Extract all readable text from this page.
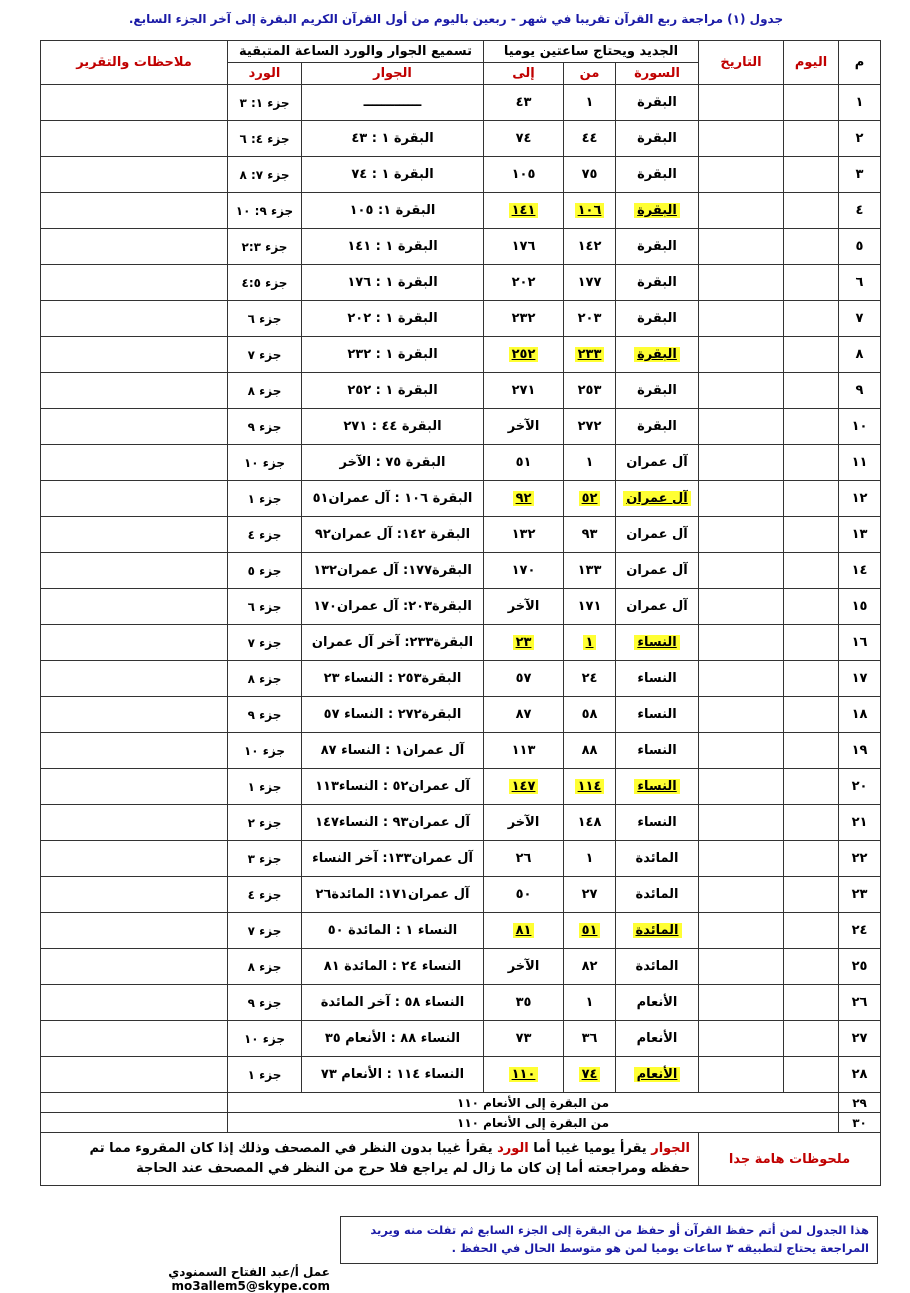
جدول (١) مراجعة ربع القرآن تقريبا في شهر - ربعين باليوم من أول القرآن الكريم البقرة إلى آخر الجزء السابع.
م	اليوم	التاريخ	الجديد ويحتاج ساعتين يوميا			تسميع الجوار والورد الساعة المتبقية		ملاحظات والتقرير
			السورة	من	إلى	الجوار	الورد	
١			البقرة	١	٤٣	ـــــــــــــ	جزء ١: ٣	
٢			البقرة	٤٤	٧٤	البقرة ١ : ٤٣	جزء ٤: ٦	
٣			البقرة	٧٥	١٠٥	البقرة ١ : ٧٤	جزء ٧: ٨	
٤			البقرة	١٠٦	١٤١	البقرة ١: ١٠٥	جزء ٩: ١٠	
٥			البقرة	١٤٢	١٧٦	البقرة ١ : ١٤١	جزء ٢:٣	
٦			البقرة	١٧٧	٢٠٢	البقرة ١ : ١٧٦	جزء ٤:٥	
٧			البقرة	٢٠٣	٢٣٢	البقرة ١ : ٢٠٢	جزء ٦	
٨			البقرة	٢٣٣	٢٥٢	البقرة ١ : ٢٣٢	جزء ٧	
٩			البقرة	٢٥٣	٢٧١	البقرة ١ : ٢٥٢	جزء ٨	
١٠			البقرة	٢٧٢	الآخر	البقرة ٤٤ : ٢٧١	جزء ٩	
١١			آل عمران	١	٥١	البقرة ٧٥ : الآخر	جزء ١٠	
١٢			آل عمران	٥٢	٩٢	البقرة ١٠٦ : آل عمران٥١	جزء ١	
١٣			آل عمران	٩٣	١٣٢	البقرة ١٤٢: آل عمران٩٢	جزء ٤	
١٤			آل عمران	١٣٣	١٧٠	البقرة١٧٧: آل عمران١٣٢	جزء ٥	
١٥			آل عمران	١٧١	الآخر	البقرة٢٠٣: آل عمران١٧٠	جزء ٦	
١٦			النساء	١	٢٣	البقرة٢٣٣: آخر آل عمران	جزء ٧	
١٧			النساء	٢٤	٥٧	البقرة٢٥٣ : النساء ٢٣	جزء ٨	
١٨			النساء	٥٨	٨٧	البقرة٢٧٢ : النساء ٥٧	جزء ٩	
١٩			النساء	٨٨	١١٣	آل عمران١ : النساء ٨٧	جزء ١٠	
٢٠			النساء	١١٤	١٤٧	آل عمران٥٢ : النساء١١٣	جزء ١	
٢١			النساء	١٤٨	الآخر	آل عمران٩٣ : النساء١٤٧	جزء ٢	
٢٢			المائدة	١	٢٦	آل عمران١٣٣: آخر النساء	جزء ٣	
٢٣			المائدة	٢٧	٥٠	آل عمران١٧١: المائدة٢٦	جزء ٤	
٢٤			المائدة	٥١	٨١	النساء ١ : المائدة ٥٠	جزء ٧	
٢٥			المائدة	٨٢	الآخر	النساء ٢٤ : المائدة ٨١	جزء ٨	
٢٦			الأنعام	١	٣٥	النساء ٥٨ : آخر المائدة	جزء ٩	
٢٧			الأنعام	٣٦	٧٣	النساء ٨٨ : الأنعام ٣٥	جزء ١٠	
٢٨			الأنعام	٧٤	١١٠	النساء ١١٤ : الأنعام ٧٣	جزء ١	
٢٩	من البقرة إلى الأنعام ١١٠							
٣٠	من البقرة إلى الأنعام ١١٠							
ملحوظات هامة جدا			الجوار يقرأ يوميا غيبا أما الورد يقرأ غيبا بدون النظر في المصحف وذلك إذا كان المقروء مما تم حفظه ومراجعته أما إن كان ما زال لم يراجع فلا حرج من النظر في المصحف عند الحاجة					
هذا الجدول لمن أتم حفظ القرآن أو حفظ من البقرة إلى الجزء السابع ثم تفلت منه ويريد المراجعة يحتاج لتطبيقه ٣ ساعات يوميا لمن هو متوسط الحال في الحفظ .
عمل أ/عبد الفتاح السمنودي   mo3allem5@skype.com
